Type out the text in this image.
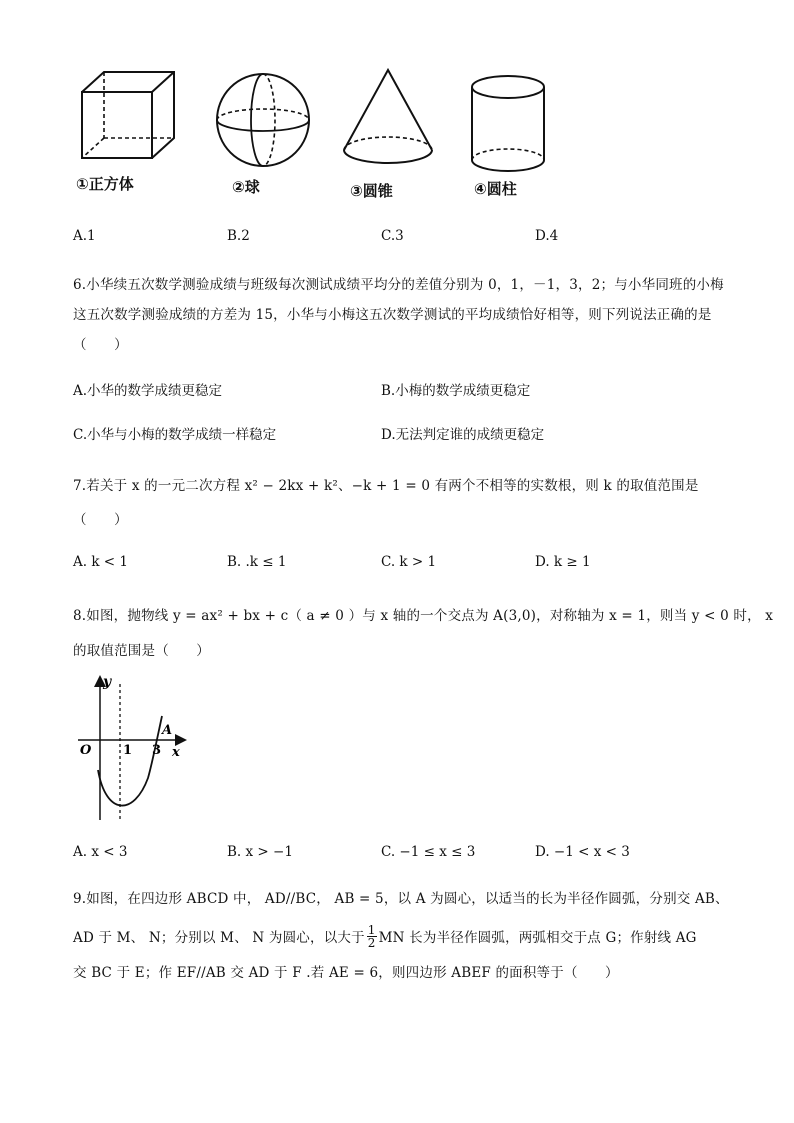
①正方体	②球	③圆锥	④圆柱
A.1	B.2	C.3	D.4
6.小华续五次数学测验成绩与班级每次测试成绩平均分的差值分别为 0，1，－1，3，2；与小华同班的小梅
这五次数学测验成绩的方差为 15，小华与小梅这五次数学测试的平均成绩恰好相等，则下列说法正确的是
（　　）
A.小华的数学成绩更稳定	B.小梅的数学成绩更稳定
C.小华与小梅的数学成绩一样稳定	D.无法判定谁的成绩更稳定
7.若关于 x 的一元二次方程 x² − 2kx + k²、−k + 1 = 0 有两个不相等的实数根，则 k 的取值范围是
（　　）
A. k < 1	B. .k ≤ 1	C. k > 1	D. k ≥ 1
8.如图，抛物线 y = ax² + bx + c（ a ≠ 0 ）与 x 轴的一个交点为 A(3,0)，对称轴为 x = 1，则当 y < 0 时， x
的取值范围是（　　）
y
O 1 3
A
x
A. x < 3	B. x > −1	C. −1 ≤ x ≤ 3	D. −1 < x < 3
9.如图，在四边形 ABCD 中， AD//BC， AB = 5，以 A 为圆心，以适当的长为半径作圆弧，分别交 AB、
AD 于 M、 N；分别以 M、 N 为圆心，以大于 $\frac{1}{2}$ MN 长为半径作圆弧，两弧相交于点 G；作射线 AG
交 BC 于 E；作 EF//AB 交 AD 于 F .若 AE = 6，则四边形 ABEF 的面积等于（　　）
